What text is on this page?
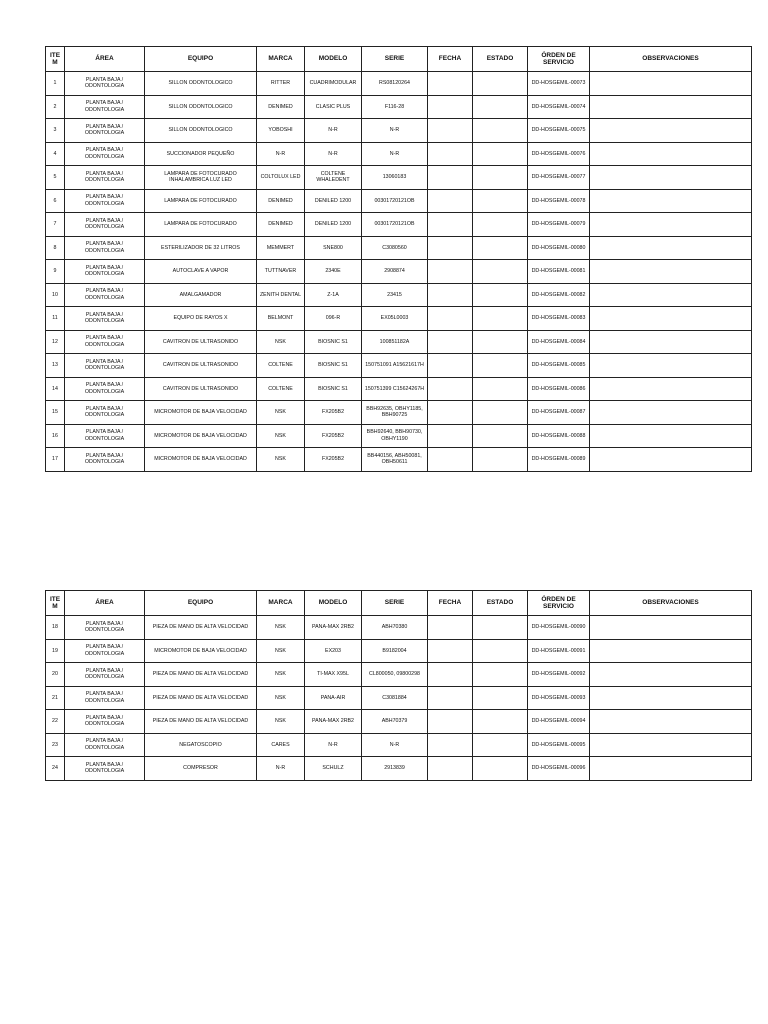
ITEM	ÁREA	EQUIPO	MARCA	MODELO	SERIE	FECHA	ESTADO	ÓRDEN DE SERVICIO	OBSERVACIONES
1	PLANTA BAJA / ODONTOLOGIA	SILLON ODONTOLOGICO	RITTER	CUADRIMODULAR	RS08120264			DD-HOSGEMIL-00073	
2	PLANTA BAJA / ODONTOLOGIA	SILLON ODONTOLOGICO	DENIMED	CLASIC PLUS	F116-28			DD-HOSGEMIL-00074	
3	PLANTA BAJA / ODONTOLOGIA	SILLON ODONTOLOGICO	YOBOSHI	N-R	N-R			DD-HOSGEMIL-00075	
4	PLANTA BAJA / ODONTOLOGIA	SUCCIONADOR PEQUEÑO	N-R	N-R	N-R			DD-HOSGEMIL-00076	
5	PLANTA BAJA / ODONTOLOGIA	LAMPARA DE FOTOCURADO INHALAMBRICA LUZ LED	COLTOLUX LED	COLTENE WHALEDENT	13060183			DD-HOSGEMIL-00077	
6	PLANTA BAJA / ODONTOLOGIA	LAMPARA DE FOTOCURADO	DENIMED	DENILED 1200	00301720121OB			DD-HOSGEMIL-00078	
7	PLANTA BAJA / ODONTOLOGIA	LAMPARA DE FOTOCURADO	DENIMED	DENILED 1200	00301720121OB			DD-HOSGEMIL-00079	
8	PLANTA BAJA / ODONTOLOGIA	ESTERILIZADOR DE 32 LITROS	MEMMERT	SNE800	C3080560			DD-HOSGEMIL-00080	
9	PLANTA BAJA / ODONTOLOGIA	AUTOCLAVE A VAPOR	TUTTNAVER	2340E	2908874			DD-HOSGEMIL-00081	
10	PLANTA BAJA / ODONTOLOGIA	AMALGAMADOR	ZENITH DENTAL	Z-1A	23415			DD-HOSGEMIL-00082	
11	PLANTA BAJA / ODONTOLOGIA	EQUIPO DE RAYOS X	BELMONT	096-R	EX05L0003			DD-HOSGEMIL-00083	
12	PLANTA BAJA / ODONTOLOGIA	CAVITRON DE ULTRASONIDO	NSK	BIOSNIC S1	100851182A			DD-HOSGEMIL-00084	
13	PLANTA BAJA / ODONTOLOGIA	CAVITRON DE ULTRASONIDO	COLTENE	BIOSNIC S1	150751091 A15621617H			DD-HOSGEMIL-00085	
14	PLANTA BAJA / ODONTOLOGIA	CAVITRON DE ULTRASONIDO	COLTENE	BIOSNIC S1	150751399 C15624267H			DD-HOSGEMIL-00086	
15	PLANTA BAJA / ODONTOLOGIA	MICROMOTOR DE BAJA VELOCIDAD	NSK	FX205B2	BBH92635, OBHY1185, BBH90725			DD-HOSGEMIL-00087	
16	PLANTA BAJA / ODONTOLOGIA	MICROMOTOR DE BAJA VELOCIDAD	NSK	FX205B2	BBH92640, BBH90730, OBHY1190			DD-HOSGEMIL-00088	
17	PLANTA BAJA / ODONTOLOGIA	MICROMOTOR DE BAJA VELOCIDAD	NSK	FX205B2	BB440156, ABH50081, OBH50611			DD-HOSGEMIL-00089	
ITEM	ÁREA	EQUIPO	MARCA	MODELO	SERIE	FECHA	ESTADO	ÓRDEN DE SERVICIO	OBSERVACIONES
18	PLANTA BAJA / ODONTOLOGIA	PIEZA DE MANO DE ALTA VELOCIDAD	NSK	PANA-MAX 2RB2	ABH70380			DD-HOSGEMIL-00090	
19	PLANTA BAJA / ODONTOLOGIA	MICROMOTOR DE BAJA VELOCIDAD	NSK	EX203	B9182004			DD-HOSGEMIL-00091	
20	PLANTA BAJA / ODONTOLOGIA	PIEZA DE MANO DE ALTA VELOCIDAD	NSK	TI-MAX X95L	CL800050, 09800298			DD-HOSGEMIL-00092	
21	PLANTA BAJA / ODONTOLOGIA	PIEZA DE MANO DE ALTA VELOCIDAD	NSK	PANA-AIR	C3081884			DD-HOSGEMIL-00093	
22	PLANTA BAJA / ODONTOLOGIA	PIEZA DE MANO DE ALTA VELOCIDAD	NSK	PANA-MAX 2RB2	ABH70379			DD-HOSGEMIL-00094	
23	PLANTA BAJA / ODONTOLOGIA	NEGATOSCOPIO	CARES	N-R	N-R			DD-HOSGEMIL-00095	
24	PLANTA BAJA / ODONTOLOGIA	COMPRESOR	N-R	SCHULZ	2913839			DD-HOSGEMIL-00096	
